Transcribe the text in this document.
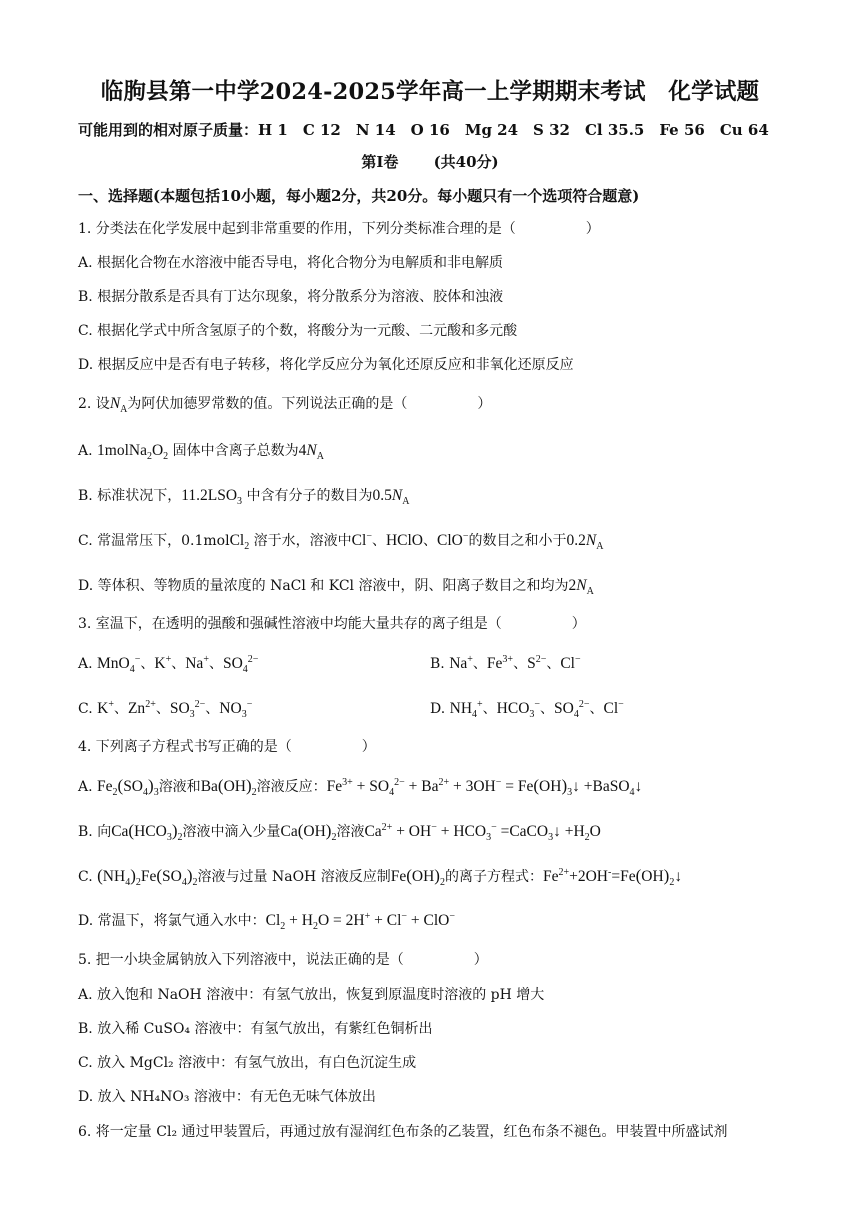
临朐县第一中学2024-2025学年高一上学期期末考试　化学试题
可能用到的相对原子质量：H 1　C 12　N 14　O 16　Mg 24　S 32　Cl 35.5　Fe 56　Cu 64
第Ⅰ卷　　 (共40分)
一、选择题(本题包括10小题，每小题2分，共20分。每小题只有一个选项符合题意)
1. 分类法在化学发展中起到非常重要的作用，下列分类标准合理的是（　　　　　）
A. 根据化合物在水溶液中能否导电，将化合物分为电解质和非电解质
B. 根据分散系是否具有丁达尔现象，将分散系分为溶液、胶体和浊液
C. 根据化学式中所含氢原子的个数，将酸分为一元酸、二元酸和多元酸
D. 根据反应中是否有电子转移，将化学反应分为氧化还原反应和非氧化还原反应
2. 设$N_A$为阿伏加德罗常数的值。下列说法正确的是（　　　　　）
A. $1molNa_2O_2$ 固体中含离子总数为$4N_A$
B. 标准状况下，$11.2LSO_3$ 中含有分子的数目为$0.5N_A$
C. 常温常压下，0.1molCl$_2$ 溶于水，溶液中Cl−、HClO、ClO−的数目之和小于$0.2N_A$
D. 等体积、等物质的量浓度的 NaCl 和 KCl 溶液中，阴、阳离子数目之和均为$2N_A$
3. 室温下，在透明的强酸和强碱性溶液中均能大量共存的离子组是（　　　　　）
A. MnO$_4$−、K+、Na+、$SO_4^{2-}$	B. Na+、$Fe^{3+}$、$S^{2-}$、Cl−
C. K+、$Zn^{2+}$、$SO_3^{2-}$、$NO_3^-$	D. $NH_4^+$、$HCO_3^-$、$SO_4^{2-}$、Cl−
4. 下列离子方程式书写正确的是（　　　　　）
A. $Fe_2(SO_4)_3$溶液和$Ba(OH)_2$溶液反应：$Fe^{3+} + SO_4^{2-} + Ba^{2+} + 3OH^-$ = $Fe(OH)_3↓$ +BaSO$_4$↓
B. 向$Ca(HCO_3)_2$溶液中滴入少量$Ca(OH)_2$溶液$Ca^{2+} + OH^- + HCO_3^-$ =CaCO$_3$↓ $+H_2O$
C. $(NH_4)_2Fe(SO_4)_2$溶液与过量 NaOH 溶液反应制$Fe(OH)_2$的离子方程式：$Fe^{2+}+2OH^-=Fe(OH)_2↓$
D. 常温下，将氯气通入水中：$Cl_2 + H_2O = 2H^+ + Cl^- + ClO^-$
5. 把一小块金属钠放入下列溶液中，说法正确的是（　　　　　）
A. 放入饱和 NaOH 溶液中：有氢气放出，恢复到原温度时溶液的 pH 增大
B. 放入稀 CuSO₄ 溶液中：有氢气放出，有紫红色铜析出
C. 放入 MgCl₂ 溶液中：有氢气放出，有白色沉淀生成
D. 放入 NH₄NO₃ 溶液中：有无色无味气体放出
6. 将一定量 Cl₂ 通过甲装置后，再通过放有湿润红色布条的乙装置，红色布条不褪色。甲装置中所盛试剂
